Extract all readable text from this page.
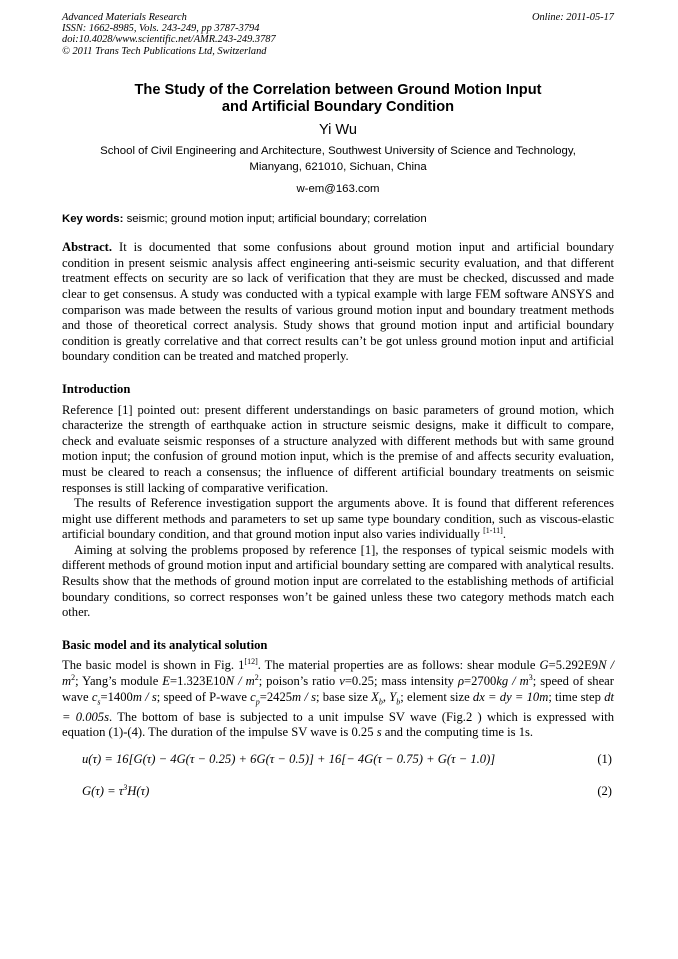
Advanced Materials Research
ISSN: 1662-8985, Vols. 243-249, pp 3787-3794
doi:10.4028/www.scientific.net/AMR.243-249.3787
© 2011 Trans Tech Publications Ltd, Switzerland
Online: 2011-05-17
The Study of the Correlation between Ground Motion Input
and Artificial Boundary Condition
Yi Wu
School of Civil Engineering and Architecture, Southwest University of Science and Technology,
Mianyang, 621010, Sichuan, China
w-em@163.com
Key words: seismic; ground motion input; artificial boundary; correlation
Abstract. It is documented that some confusions about ground motion input and artificial boundary condition in present seismic analysis affect engineering anti-seismic security evaluation, and that different treatment effects on security are so lack of verification that they are must be checked, discussed and made clear to get consensus. A study was conducted with a typical example with large FEM software ANSYS and comparison was made between the results of various ground motion input and boundary treatment methods and those of theoretical correct analysis. Study shows that ground motion input and artificial boundary condition is greatly correlative and that correct results can’t be got unless ground motion input and artificial boundary condition can be treated and matched properly.
Introduction

Reference [1] pointed out: present different understandings on basic parameters of ground motion, which characterize the strength of earthquake action in structure seismic designs, make it difficult to compare, check and evaluate seismic responses of a structure analyzed with different methods but with same ground motion input; the confusion of ground motion input, which is the premise of and affects security evaluation, must be cleared to reach a consensus; the influence of different artificial boundary treatments on seismic responses is still lacking of comparative verification.

The results of Reference investigation support the arguments above. It is found that different references might use different methods and parameters to set up same type boundary condition, such as viscous-elastic artificial boundary condition, and that ground motion input also varies individually [1-11].

Aiming at solving the problems proposed by reference [1], the responses of typical seismic models with different methods of ground motion input and artificial boundary setting are compared with analytical results. Results show that the methods of ground motion input are correlated to the establishing methods of artificial boundary conditions, so correct responses won’t be gained unless these two category methods match each other.

Basic model and its analytical solution

The basic model is shown in Fig. 1[12]. The material properties are as follows: shear module $G=5.292E9N / m^2$; Yang’s module $E=1.323E10N / m^2$; poison’s ratio ν=0.25; mass intensity $\rho=2700kg / m^3$; speed of shear wave $c_s=1400m / s$; speed of P-wave $c_p=2425m / s$; base size $X_b$, $Y_b$; element size dx = dy = 10m; time step dt = 0.005s. The bottom of base is subjected to a unit impulse SV wave (Fig.2 ) which is expressed with equation (1)-(4). The duration of the impulse SV wave is 0.25 s and the computing time is 1s.

u(τ) = 16[G(τ) − 4G(τ − 0.25) + 6G(τ − 0.5)] + 16[− 4G(τ − 0.75) + G(τ − 1.0)]	(1)
$G(\tau) = \tau^3H(\tau)$	(2)
